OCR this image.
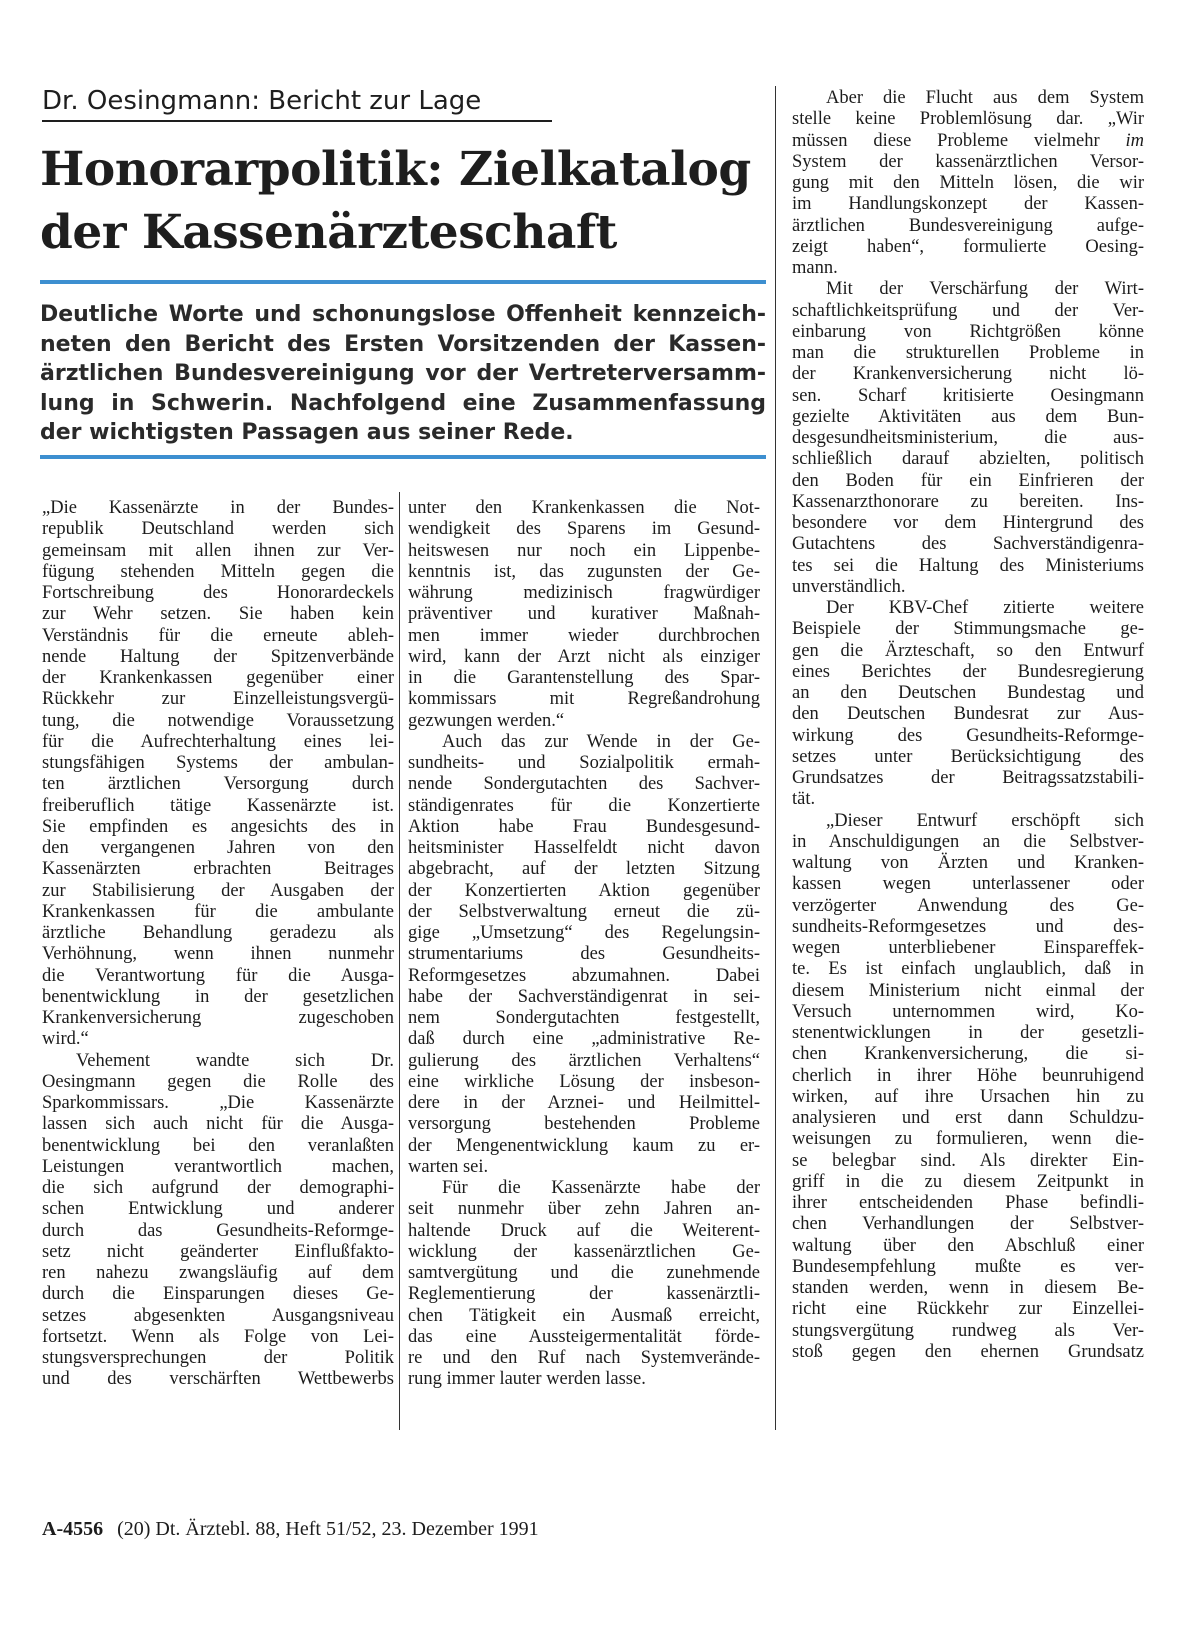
Dr. Oesingmann: Bericht zur Lage
Honorarpolitik: Zielkatalog
der Kassenärzteschaft
Deutliche Worte und schonungslose Offenheit kennzeich-
neten den Bericht des Ersten Vorsitzenden der Kassen-
ärztlichen Bundesvereinigung vor der Vertreterversamm-
lung in Schwerin. Nachfolgend eine Zusammenfassung
der wichtigsten Passagen aus seiner Rede.
„Die Kassenärzte in der Bundes-
republik Deutschland werden sich
gemeinsam mit allen ihnen zur Ver-
fügung stehenden Mitteln gegen die
Fortschreibung des Honorardeckels
zur Wehr setzen. Sie haben kein
Verständnis für die erneute ableh-
nende Haltung der Spitzenverbände
der Krankenkassen gegenüber einer
Rückkehr zur Einzelleistungsvergü-
tung, die notwendige Voraussetzung
für die Aufrechterhaltung eines lei-
stungsfähigen Systems der ambulan-
ten ärztlichen Versorgung durch
freiberuflich tätige Kassenärzte ist.
Sie empfinden es angesichts des in
den vergangenen Jahren von den
Kassenärzten erbrachten Beitrages
zur Stabilisierung der Ausgaben der
Krankenkassen für die ambulante
ärztliche Behandlung geradezu als
Verhöhnung, wenn ihnen nunmehr
die Verantwortung für die Ausga-
benentwicklung in der gesetzlichen
Krankenversicherung zugeschoben
wird.“
Vehement wandte sich Dr.
Oesingmann gegen die Rolle des
Sparkommissars. „Die Kassenärzte
lassen sich auch nicht für die Ausga-
benentwicklung bei den veranlaßten
Leistungen verantwortlich machen,
die sich aufgrund der demographi-
schen Entwicklung und anderer
durch das Gesundheits-Reformge-
setz nicht geänderter Einflußfakto-
ren nahezu zwangsläufig auf dem
durch die Einsparungen dieses Ge-
setzes abgesenkten Ausgangsniveau
fortsetzt. Wenn als Folge von Lei-
stungsversprechungen der Politik
und des verschärften Wettbewerbs
unter den Krankenkassen die Not-
wendigkeit des Sparens im Gesund-
heitswesen nur noch ein Lippenbe-
kenntnis ist, das zugunsten der Ge-
währung medizinisch fragwürdiger
präventiver und kurativer Maßnah-
men immer wieder durchbrochen
wird, kann der Arzt nicht als einziger
in die Garantenstellung des Spar-
kommissars mit Regreßandrohung
gezwungen werden.“
Auch das zur Wende in der Ge-
sundheits- und Sozialpolitik ermah-
nende Sondergutachten des Sachver-
ständigenrates für die Konzertierte
Aktion habe Frau Bundesgesund-
heitsminister Hasselfeldt nicht davon
abgebracht, auf der letzten Sitzung
der Konzertierten Aktion gegenüber
der Selbstverwaltung erneut die zü-
gige „Umsetzung“ des Regelungsin-
strumentariums des Gesundheits-
Reformgesetzes abzumahnen. Dabei
habe der Sachverständigenrat in sei-
nem Sondergutachten festgestellt,
daß durch eine „administrative Re-
gulierung des ärztlichen Verhaltens“
eine wirkliche Lösung der insbeson-
dere in der Arznei- und Heilmittel-
versorgung bestehenden Probleme
der Mengenentwicklung kaum zu er-
warten sei.
Für die Kassenärzte habe der
seit nunmehr über zehn Jahren an-
haltende Druck auf die Weiterent-
wicklung der kassenärztlichen Ge-
samtvergütung und die zunehmende
Reglementierung der kassenärztli-
chen Tätigkeit ein Ausmaß erreicht,
das eine Aussteigermentalität förde-
re und den Ruf nach Systemverände-
rung immer lauter werden lasse.
Aber die Flucht aus dem System
stelle keine Problemlösung dar. „Wir
müssen diese Probleme vielmehr im
System der kassenärztlichen Versor-
gung mit den Mitteln lösen, die wir
im Handlungskonzept der Kassen-
ärztlichen Bundesvereinigung aufge-
zeigt haben“, formulierte Oesing-
mann.
Mit der Verschärfung der Wirt-
schaftlichkeitsprüfung und der Ver-
einbarung von Richtgrößen könne
man die strukturellen Probleme in
der Krankenversicherung nicht lö-
sen. Scharf kritisierte Oesingmann
gezielte Aktivitäten aus dem Bun-
desgesundheitsministerium, die aus-
schließlich darauf abzielten, politisch
den Boden für ein Einfrieren der
Kassenarzthonorare zu bereiten. Ins-
besondere vor dem Hintergrund des
Gutachtens des Sachverständigenra-
tes sei die Haltung des Ministeriums
unverständlich.
Der KBV-Chef zitierte weitere
Beispiele der Stimmungsmache ge-
gen die Ärzteschaft, so den Entwurf
eines Berichtes der Bundesregierung
an den Deutschen Bundestag und
den Deutschen Bundesrat zur Aus-
wirkung des Gesundheits-Reformge-
setzes unter Berücksichtigung des
Grundsatzes der Beitragssatzstabili-
tät.
„Dieser Entwurf erschöpft sich
in Anschuldigungen an die Selbstver-
waltung von Ärzten und Kranken-
kassen wegen unterlassener oder
verzögerter Anwendung des Ge-
sundheits-Reformgesetzes und des-
wegen unterbliebener Einspareffek-
te. Es ist einfach unglaublich, daß in
diesem Ministerium nicht einmal der
Versuch unternommen wird, Ko-
stenentwicklungen in der gesetzli-
chen Krankenversicherung, die si-
cherlich in ihrer Höhe beunruhigend
wirken, auf ihre Ursachen hin zu
analysieren und erst dann Schuldzu-
weisungen zu formulieren, wenn die-
se belegbar sind. Als direkter Ein-
griff in die zu diesem Zeitpunkt in
ihrer entscheidenden Phase befindli-
chen Verhandlungen der Selbstver-
waltung über den Abschluß einer
Bundesempfehlung mußte es ver-
standen werden, wenn in diesem Be-
richt eine Rückkehr zur Einzellei-
stungsvergütung rundweg als Ver-
stoß gegen den ehernen Grundsatz
A-4556 (20) Dt. Ärztebl. 88, Heft 51/52, 23. Dezember 1991
